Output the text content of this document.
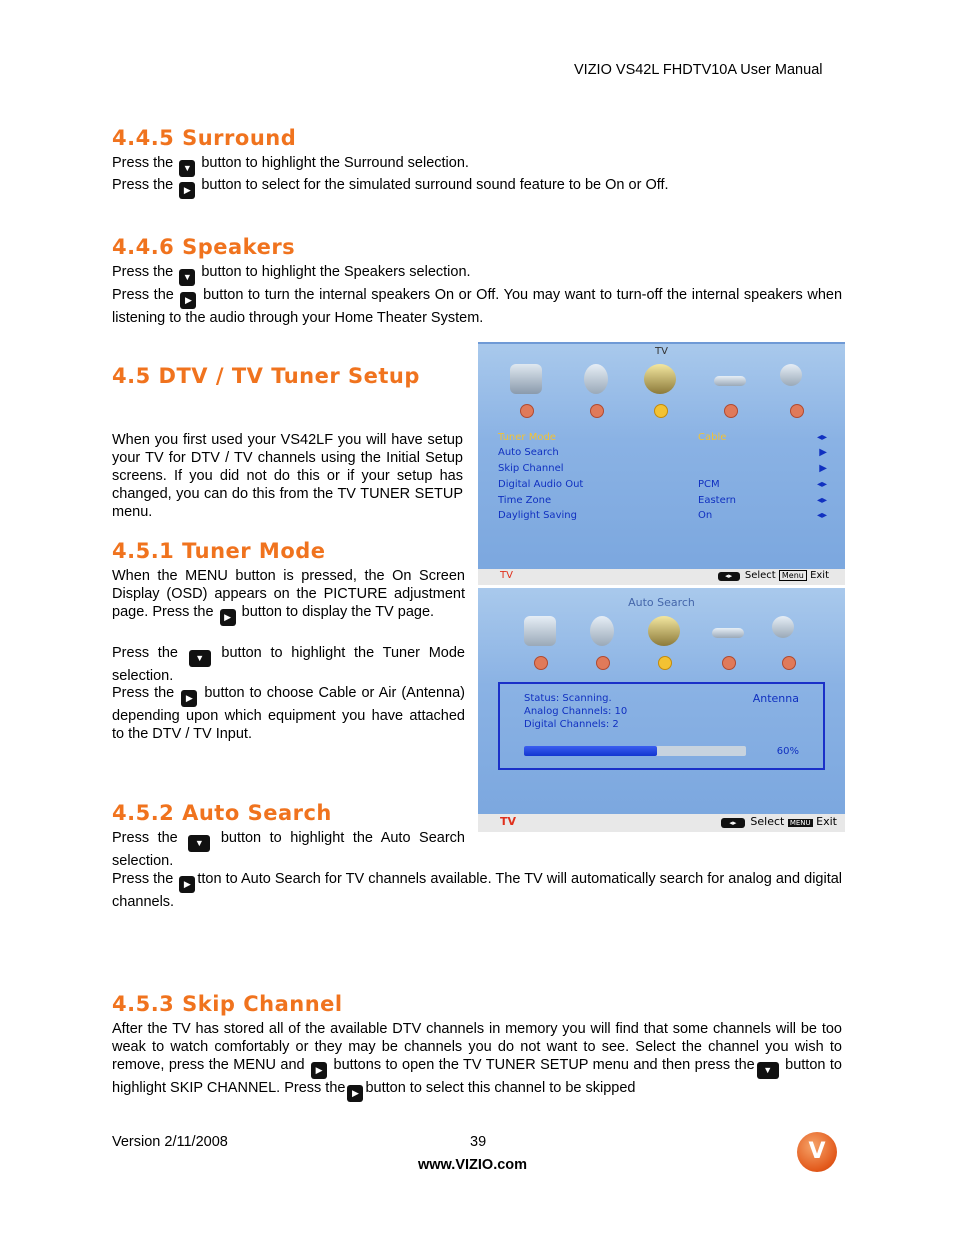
VIZIO VS42L FHDTV10A User Manual
4.4.5 Surround

Press the ▼ button to highlight the Surround selection.

Press the ▶ button to select for the simulated surround sound feature to be On or Off.

4.4.6 Speakers

Press the ▼ button to highlight the Speakers selection.

Press the ▶ button to turn the internal speakers On or Off. You may want to turn-off the internal speakers when listening to the audio through your Home Theater System.

4.5 DTV / TV Tuner Setup

When you first used your VS42LF you will have setup your TV for DTV / TV channels using the Initial Setup screens. If you did not do this or if your setup has changed, you can do this from the TV TUNER SETUP menu.

4.5.1 Tuner Mode

When the MENU button is pressed, the On Screen Display (OSD) appears on the PICTURE adjustment page. Press the ▶ button to display the TV page.

Press the ▼ button to highlight the Tuner Mode selection.

Press the ▶ button to choose Cable or Air (Antenna) depending upon which equipment you have attached to the DTV / TV Input.

4.5.2 Auto Search

Press the ▼ button to highlight the Auto Search selection.

Press the ▶ tton to Auto Search for TV channels available. The TV will automatically search for analog and digital channels.

4.5.3 Skip Channel

After the TV has stored all of the available DTV channels in memory you will find that some channels will be too weak to watch comfortably or they may be channels you do not want to see. Select the channel you wish to remove, press the MENU and ▶ buttons to open the TV TUNER SETUP menu and then press the ▼ button to highlight SKIP CHANNEL. Press the ▶ button to select this channel to be skipped

TV
Tuner Mode	Cable	◂▸
Auto Search	▶
Skip Channel	▶
Digital Audio Out	PCM	◂▸
Time Zone	Eastern	◂▸
Daylight Saving	On	◂▸
TV	◂▸ Select Menu Exit
Auto Search
Status: Scanning.
Analog Channels: 10
Digital Channels: 2
Antenna
60%
TV	◂▸ Select MENU Exit
Version 2/11/2008	39
www.VIZIO.com
V
